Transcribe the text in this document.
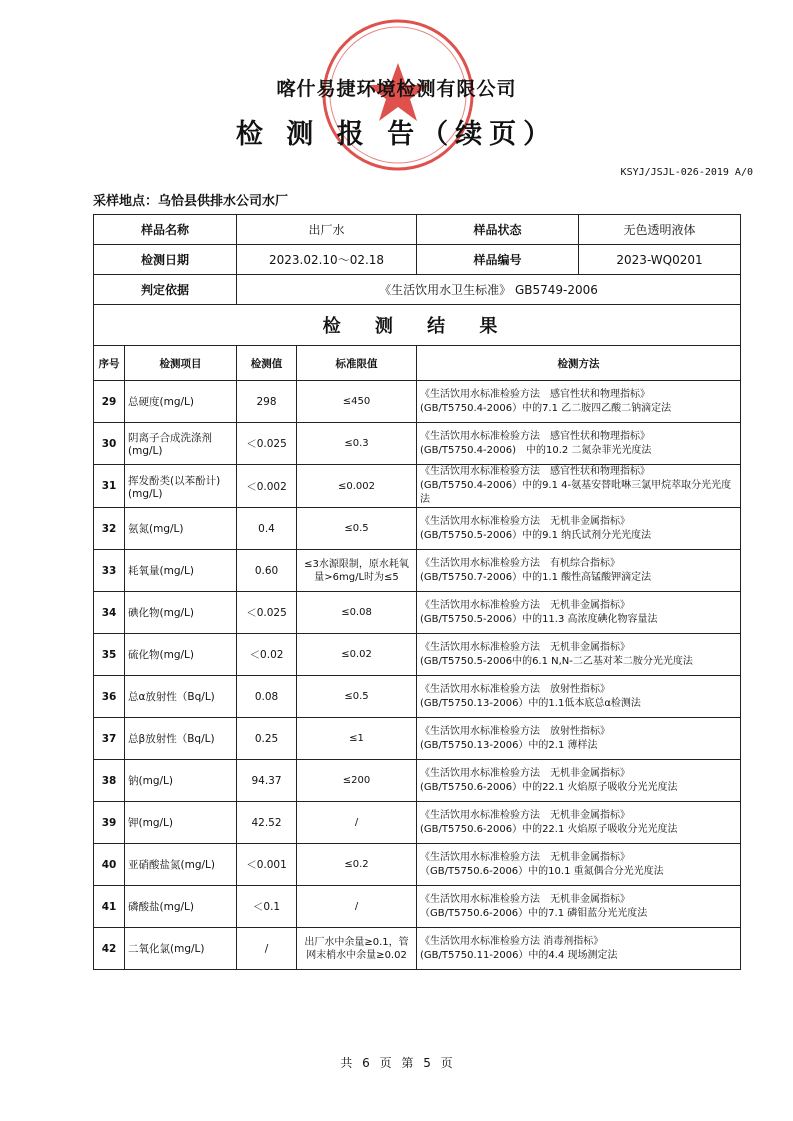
喀什易捷环境检测有限公司
检 测 报 告（续页）
KSYJ/JSJL-026-2019 A/0
采样地点：乌恰县供排水公司水厂
样品名称		出厂水		样品状态	无色透明液体
检测日期		2023.02.10～02.18		样品编号	2023-WQ0201
判定依据		《生活饮用水卫生标准》 GB5749-2006			
检 测 结 果					
序号	检测项目	检测值	标准限值	检测方法	
29	总硬度(mg/L)	298	≤450	《生活饮用水标准检验方法　感官性状和物理指标》
(GB/T5750.4-2006）中的7.1 乙二胺四乙酸二钠滴定法	

30	阴离子合成洗涤剂(mg/L)	＜0.025	≤0.3	《生活饮用水标准检验方法　感官性状和物理指标》
(GB/T5750.4-2006)　中的10.2 二氮杂菲光光度法	

31	挥发酚类(以苯酚计)(mg/L)	＜0.002	≤0.002	《生活饮用水标准检验方法　感官性状和物理指标》
(GB/T5750.4-2006）中的9.1 4-氨基安替吡啉三氯甲烷萃取分光光度法	

32	氨氮(mg/L)	0.4	≤0.5	《生活饮用水标准检验方法　无机非金属指标》
(GB/T5750.5-2006）中的9.1 纳氏试剂分光光度法	

33	耗氧量(mg/L)	0.60	≤3水源限制，原水耗氧量>6mg/L时为≤5	《生活饮用水标准检验方法　有机综合指标》
(GB/T5750.7-2006）中的1.1 酸性高锰酸钾滴定法	

34	碘化物(mg/L)	＜0.025	≤0.08	《生活饮用水标准检验方法　无机非金属指标》
(GB/T5750.5-2006）中的11.3 高浓度碘化物容量法	

35	硫化物(mg/L)	＜0.02	≤0.02	《生活饮用水标准检验方法　无机非金属指标》
(GB/T5750.5-2006中的6.1 N,N-二乙基对苯二胺分光光度法	

36	总α放射性（Bq/L)	0.08	≤0.5	《生活饮用水标准检验方法　放射性指标》
(GB/T5750.13-2006）中的1.1低本底总α检测法	

37	总β放射性（Bq/L)	0.25	≤1	《生活饮用水标准检验方法　放射性指标》
(GB/T5750.13-2006）中的2.1 薄样法	

38	钠(mg/L)	94.37	≤200	《生活饮用水标准检验方法　无机非金属指标》
(GB/T5750.6-2006）中的22.1 火焰原子吸收分光光度法	

39	钾(mg/L)	42.52	/	《生活饮用水标准检验方法　无机非金属指标》
(GB/T5750.6-2006）中的22.1 火焰原子吸收分光光度法	

40	亚硝酸盐氮(mg/L)	＜0.001	≤0.2	《生活饮用水标准检验方法　无机非金属指标》
（GB/T5750.6-2006）中的10.1 重氮偶合分光光度法	

41	磷酸盐(mg/L)	＜0.1	/	《生活饮用水标准检验方法　无机非金属指标》
（GB/T5750.6-2006）中的7.1 磷钼蓝分光光度法	

42	二氧化氯(mg/L)	/	出厂水中余量≥0.1，管网末梢水中余量≥0.02	《生活饮用水标准检验方法 消毒剂指标》
(GB/T5750.11-2006）中的4.4 现场测定法	
共 6 页 第 5 页
